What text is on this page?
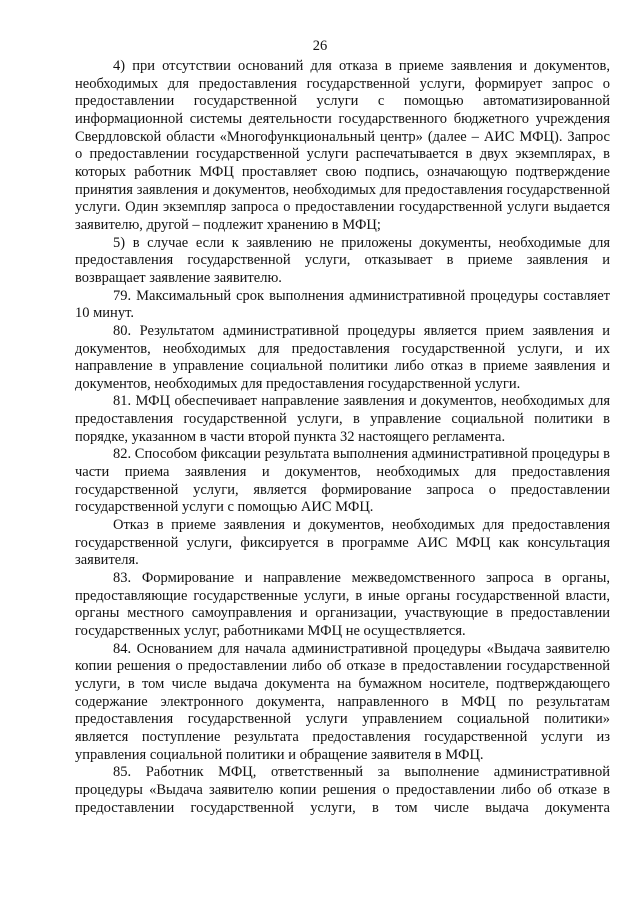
26

4) при отсутствии оснований для отказа в приеме заявления и документов, необходимых для предоставления государственной услуги, формирует запрос о предоставлении государственной услуги с помощью автоматизированной информационной системы деятельности государственного бюджетного учреждения Свердловской области «Многофункциональный центр» (далее – АИС МФЦ). Запрос о предоставлении государственной услуги распечатывается в двух экземплярах, в которых работник МФЦ проставляет свою подпись, означающую подтверждение принятия заявления и документов, необходимых для предоставления государственной услуги. Один экземпляр запроса о предоставлении государственной услуги выдается заявителю, другой – подлежит хранению в МФЦ;

5) в случае если к заявлению не приложены документы, необходимые для предоставления государственной услуги, отказывает в приеме заявления и возвращает заявление заявителю.

79. Максимальный срок выполнения административной процедуры составляет 10 минут.

80. Результатом административной процедуры является прием заявления и документов, необходимых для предоставления государственной услуги, и их направление в управление социальной политики либо отказ в приеме заявления и документов, необходимых для предоставления государственной услуги.

81. МФЦ обеспечивает направление заявления и документов, необходимых для предоставления государственной услуги, в управление социальной политики в порядке, указанном в части второй пункта 32 настоящего регламента.

82. Способом фиксации результата выполнения административной процедуры в части приема заявления и документов, необходимых для предоставления государственной услуги, является формирование запроса о предоставлении государственной услуги с помощью АИС МФЦ.

Отказ в приеме заявления и документов, необходимых для предоставления государственной услуги, фиксируется в программе АИС МФЦ как консультация заявителя.

83. Формирование и направление межведомственного запроса в органы, предоставляющие государственные услуги, в иные органы государственной власти, органы местного самоуправления и организации, участвующие в предоставлении государственных услуг, работниками МФЦ не осуществляется.

84. Основанием для начала административной процедуры «Выдача заявителю копии решения о предоставлении либо об отказе в предоставлении государственной услуги, в том числе выдача документа на бумажном носителе, подтверждающего содержание электронного документа, направленного в МФЦ по результатам предоставления государственной услуги управлением социальной политики» является поступление результата предоставления государственной услуги из управления социальной политики и обращение заявителя в МФЦ.

85. Работник МФЦ, ответственный за выполнение административной процедуры «Выдача заявителю копии решения о предоставлении либо об отказе в предоставлении государственной услуги, в том числе выдача документа
